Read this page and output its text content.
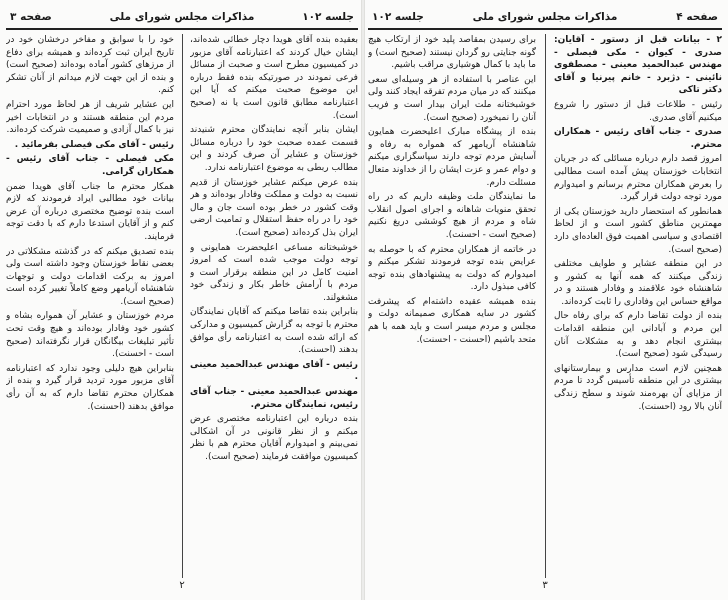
جلسه ۱۰۲
مذاکرات مجلس شورای ملی
صفحه ۳

بعقیده بنده آقای هویدا دچار خطائی شده‌اند، ایشان خیال کردند که اعتبارنامه آقای مزبور در کمیسیون مطرح است و صحبت از مسائل فرعی نمودند در صورتیکه بنده فقط درباره این موضوع صحبت میکنم که آیا این اعتبارنامه مطابق قانون است یا نه (صحیح است).

ایشان بنابر آنچه نمایندگان محترم شنیدند قسمت عمده صحبت خود را درباره مسائل خوزستان و عشایر آن صرف کردند و این مطالب ربطی به موضوع اعتبارنامه ندارد.

بنده عرض میکنم عشایر خوزستان از قدیم نسبت به دولت و مملکت وفادار بوده‌اند و هر وقت کشور در خطر بوده است جان و مال خود را در راه حفظ استقلال و تمامیت ارضی ایران بذل کرده‌اند (صحیح است).

خوشبختانه مساعی اعلیحضرت همایونی و توجه دولت موجب شده است که امروز امنیت کامل در این منطقه برقرار است و مردم با آرامش خاطر بکار و زندگی خود مشغولند.

بنابراین بنده تقاضا میکنم که آقایان نمایندگان محترم با توجه به گزارش کمیسیون و مدارکی که ارائه شده است به اعتبارنامه رأی موافق بدهند (احسنت).

رئیس - آقای مهندس عبدالحمید معینی .

مهندس عبدالحمید معینی - جناب آقای رئیس، نمایندگان محترم.

بنده درباره این اعتبارنامه مختصری عرض میکنم و از نظر قانونی در آن اشکالی نمی‌بینم و امیدوارم آقایان محترم هم با نظر کمیسیون موافقت فرمایند (صحیح است).

خود را با سوابق و مفاخر درخشان خود در تاریخ ایران ثبت کرده‌اند و همیشه برای دفاع از مرزهای کشور آماده بوده‌اند (صحیح است) و بنده از این جهت لازم میدانم از آنان تشکر کنم.

این عشایر شریف از هر لحاظ مورد احترام مردم این منطقه هستند و در انتخابات اخیر نیز با کمال آزادی و صمیمیت شرکت کرده‌اند.

رئیس - آقای مکی فیصلی بفرمائید .

مکی فیصلی - جناب آقای رئیس - همکاران گرامی.

همکار محترم ما جناب آقای هویدا ضمن بیانات خود مطالبی ایراد فرمودند که لازم است بنده توضیح مختصری درباره آن عرض کنم و از آقایان استدعا دارم که با دقت توجه فرمایند.

بنده تصدیق میکنم که در گذشته مشکلاتی در بعضی نقاط خوزستان وجود داشته است ولی امروز به برکت اقدامات دولت و توجهات شاهنشاه آریامهر وضع کاملاً تغییر کرده است (صحیح است).

مردم خوزستان و عشایر آن همواره بشاه و کشور خود وفادار بوده‌اند و هیچ وقت تحت تأثیر تبلیغات بیگانگان قرار نگرفته‌اند (صحیح است - احسنت).

بنابراین هیچ دلیلی وجود ندارد که اعتبارنامه آقای مزبور مورد تردید قرار گیرد و بنده از همکاران محترم تقاضا دارم که به آن رأی موافق بدهند (احسنت).

۲
صفحه ۴
مذاکرات مجلس شورای ملی
جلسه ۱۰۲

۲ - بیانات قبل از دستور - آقایان: صدری - کیوان - مکی فیصلی - مهندس عبدالحمید معینی - مصطفوی نائینی - دژبرد - خانم پیرنیا و آقای دکتر تاکی

رئیس - طلاعات قبل از دستور را شروع میکنیم آقای صدری.

صدری - جناب آقای رئیس - همکاران محترم.

امروز قصد دارم درباره مسائلی که در جریان انتخابات خوزستان پیش آمده است مطالبی را بعرض همکاران محترم برسانم و امیدوارم مورد توجه دولت قرار گیرد.

همانطور که استحضار دارید خوزستان یکی از مهمترین مناطق کشور است و از لحاظ اقتصادی و سیاسی اهمیت فوق العاده‌ای دارد (صحیح است).

در این منطقه عشایر و طوایف مختلفی زندگی میکنند که همه آنها به کشور و شاهنشاه خود علاقمند و وفادار هستند و در مواقع حساس این وفاداری را ثابت کرده‌اند.

بنده از دولت تقاضا دارم که برای رفاه حال این مردم و آبادانی این منطقه اقدامات بیشتری انجام دهد و به مشکلات آنان رسیدگی شود (صحیح است).

همچنین لازم است مدارس و بیمارستانهای بیشتری در این منطقه تأسیس گردد تا مردم از مزایای آن بهره‌مند شوند و سطح زندگی آنان بالا رود (احسنت).

برای رسیدن بمقاصد پلید خود از ارتکاب هیچ گونه جنایتی رو گردان نیستند (صحیح است) و ما باید با کمال هوشیاری مراقب باشیم.

این عناصر با استفاده از هر وسیله‌ای سعی میکنند که در میان مردم تفرقه ایجاد کنند ولی خوشبختانه ملت ایران بیدار است و فریب آنان را نمیخورد (صحیح است).

بنده از پیشگاه مبارک اعلیحضرت همایون شاهنشاه آریامهر که همواره به رفاه و آسایش مردم توجه دارند سپاسگزاری میکنم و دوام عمر و عزت ایشان را از خداوند متعال مسئلت دارم.

ما نمایندگان ملت وظیفه داریم که در راه تحقق منویات شاهانه و اجرای اصول انقلاب شاه و مردم از هیچ کوششی دریغ نکنیم (صحیح است - احسنت).

در خاتمه از همکاران محترم که با حوصله به عرایض بنده توجه فرمودند تشکر میکنم و امیدوارم که دولت به پیشنهادهای بنده توجه کافی مبذول دارد.

بنده همیشه عقیده داشته‌ام که پیشرفت کشور در سایه همکاری صمیمانه دولت و مجلس و مردم میسر است و باید همه با هم متحد باشیم (احسنت - احسنت).

۳
